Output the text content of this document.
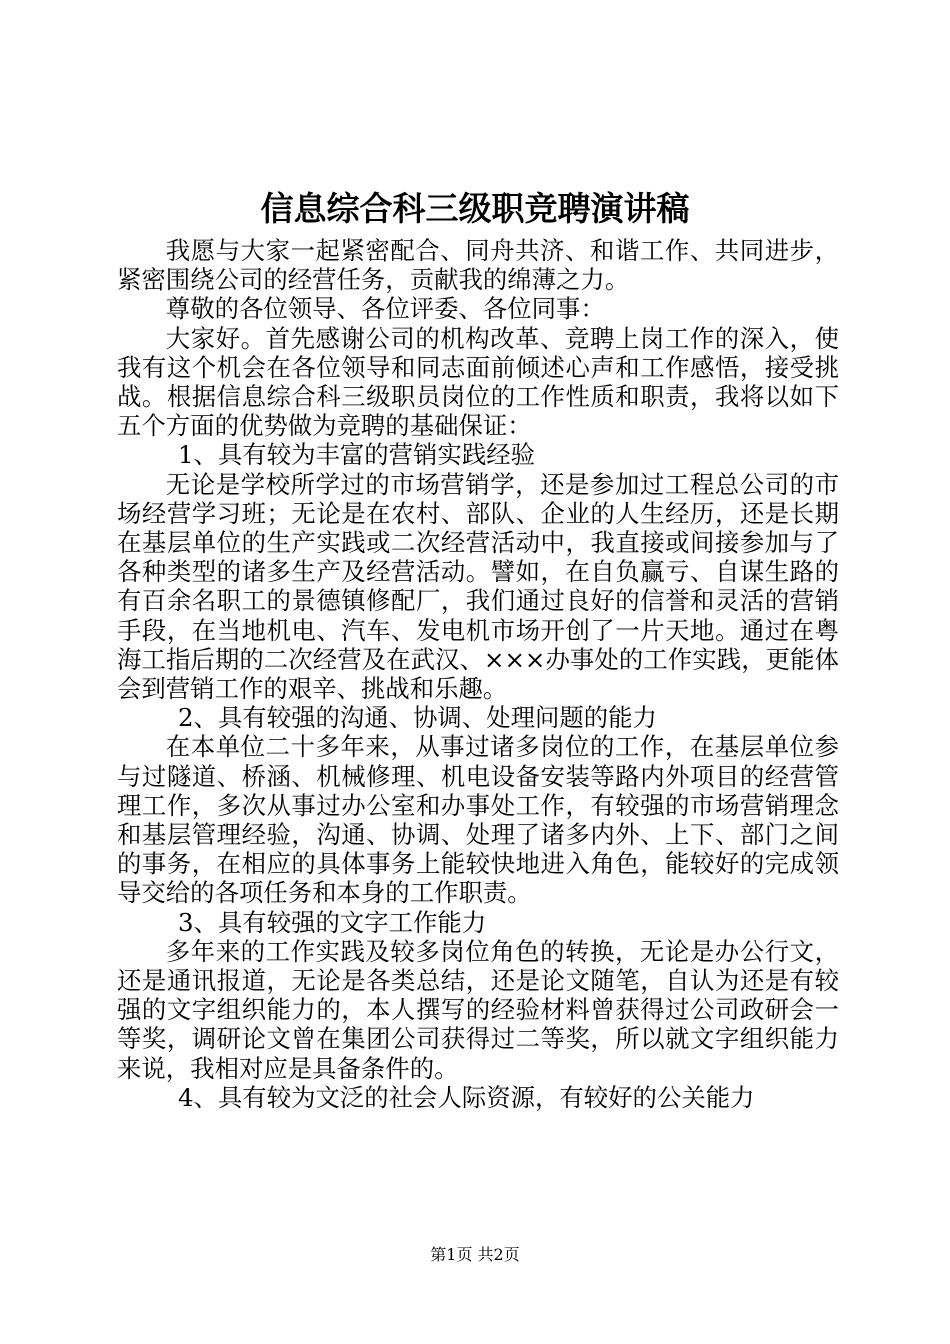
信息综合科三级职竞聘演讲稿

我愿与大家一起紧密配合、同舟共济、和谐工作、共同进步，紧密围绕公司的经营任务，贡献我的绵薄之力。

尊敬的各位领导、各位评委、各位同事：

大家好。首先感谢公司的机构改革、竞聘上岗工作的深入，使我有这个机会在各位领导和同志面前倾述心声和工作感悟，接受挑战。根据信息综合科三级职员岗位的工作性质和职责，我将以如下五个方面的优势做为竞聘的基础保证：

1、具有较为丰富的营销实践经验

无论是学校所学过的市场营销学，还是参加过工程总公司的市场经营学习班；无论是在农村、部队、企业的人生经历，还是长期在基层单位的生产实践或二次经营活动中，我直接或间接参加与了各种类型的诸多生产及经营活动。譬如，在自负赢亏、自谋生路的有百余名职工的景德镇修配厂，我们通过良好的信誉和灵活的营销手段，在当地机电、汽车、发电机市场开创了一片天地。通过在粤海工指后期的二次经营及在武汉、×××办事处的工作实践，更能体会到营销工作的艰辛、挑战和乐趣。

2、具有较强的沟通、协调、处理问题的能力

在本单位二十多年来，从事过诸多岗位的工作，在基层单位参与过隧道、桥涵、机械修理、机电设备安装等路内外项目的经营管理工作，多次从事过办公室和办事处工作，有较强的市场营销理念和基层管理经验，沟通、协调、处理了诸多内外、上下、部门之间的事务，在相应的具体事务上能较快地进入角色，能较好的完成领导交给的各项任务和本身的工作职责。

3、具有较强的文字工作能力

多年来的工作实践及较多岗位角色的转换，无论是办公行文，还是通讯报道，无论是各类总结，还是论文随笔，自认为还是有较强的文字组织能力的，本人撰写的经验材料曾获得过公司政研会一等奖，调研论文曾在集团公司获得过二等奖，所以就文字组织能力来说，我相对应是具备条件的。

4、具有较为文泛的社会人际资源，有较好的公关能力

第1页 共2页
